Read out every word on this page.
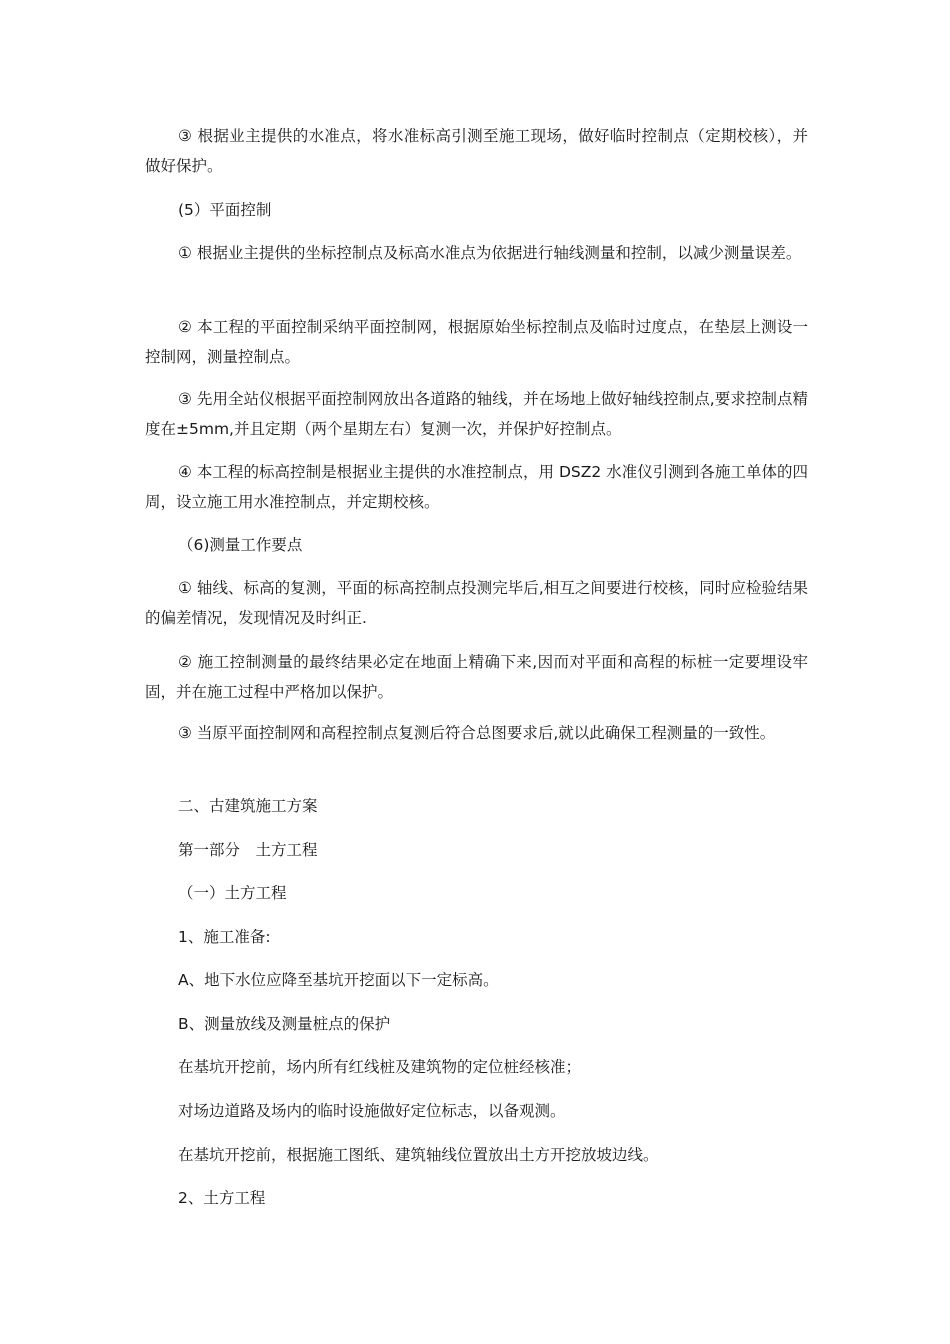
③ 根据业主提供的水准点，将水准标高引测至施工现场，做好临时控制点（定期校核），并做好保护。

(5）平面控制

① 根据业主提供的坐标控制点及标高水准点为依据进行轴线测量和控制，以减少测量误差。

② 本工程的平面控制采纳平面控制网，根据原始坐标控制点及临时过度点，在垫层上测设一控制网，测量控制点。

③ 先用全站仪根据平面控制网放出各道路的轴线，并在场地上做好轴线控制点,要求控制点精度在±5mm,并且定期（两个星期左右）复测一次，并保护好控制点。

④ 本工程的标高控制是根据业主提供的水准控制点，用 DSZ2 水准仪引测到各施工单体的四周，设立施工用水准控制点，并定期校核。

（6)测量工作要点

① 轴线、标高的复测，平面的标高控制点投测完毕后,相互之间要进行校核，同时应检验结果的偏差情况，发现情况及时纠正.

② 施工控制测量的最终结果必定在地面上精确下来,因而对平面和高程的标桩一定要埋设牢固，并在施工过程中严格加以保护。

③ 当原平面控制网和高程控制点复测后符合总图要求后,就以此确保工程测量的一致性。

二、古建筑施工方案

第一部分　土方工程

（一）土方工程

1、施工准备:

A、地下水位应降至基坑开挖面以下一定标高。

B、测量放线及测量桩点的保护

在基坑开挖前，场内所有红线桩及建筑物的定位桩经核准；

对场边道路及场内的临时设施做好定位标志，以备观测。

在基坑开挖前，根据施工图纸、建筑轴线位置放出土方开挖放坡边线。

2、土方工程
